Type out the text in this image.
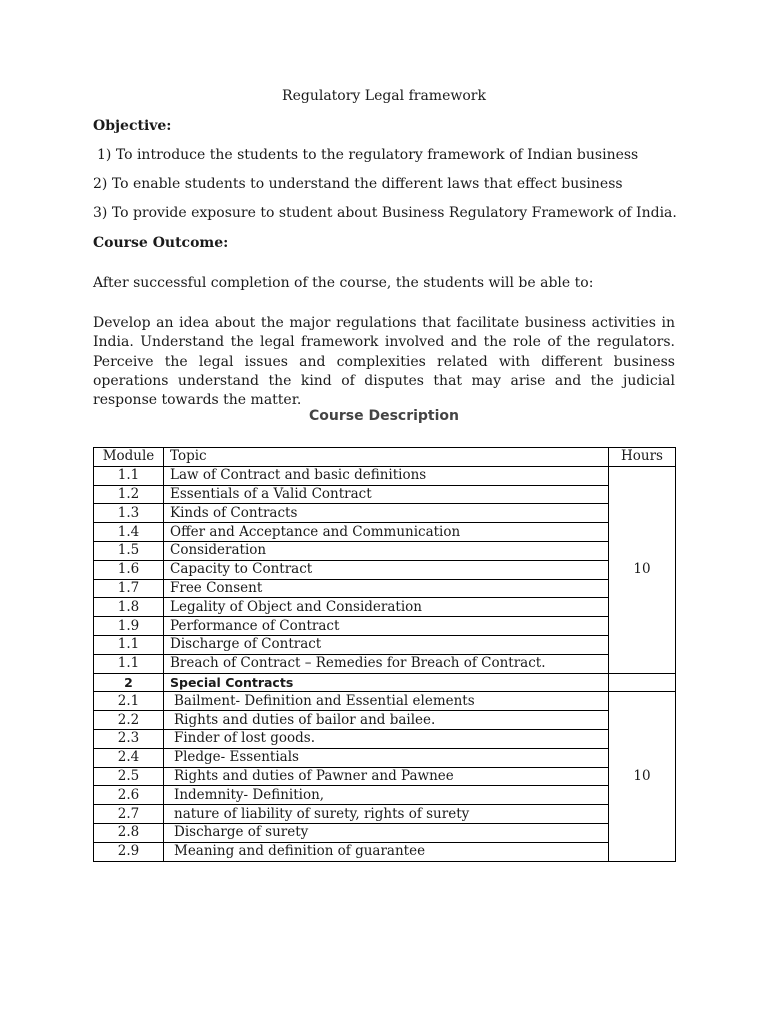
Regulatory Legal framework
Objective:
1) To introduce the students to the regulatory framework of Indian business
2) To enable students to understand the different laws that effect business
3) To provide exposure to student about Business Regulatory Framework of India.
Course Outcome:
After successful completion of the course, the students will be able to:
Develop an idea about the major regulations that facilitate business activities in India. Understand the legal framework involved and the role of the regulators. Perceive the legal issues and complexities related with different business operations understand the kind of disputes that may arise and the judicial response towards the matter.
Course Description
Module	Topic	Hours
1.1	Law of Contract and basic definitions	10
1.2	Essentials of a Valid Contract	
1.3	Kinds of Contracts	
1.4	Offer and Acceptance and Communication	
1.5	Consideration	
1.6	Capacity to Contract	
1.7	Free Consent	
1.8	Legality of Object and Consideration	
1.9	Performance of Contract	
1.1	Discharge of Contract	
1.1	Breach of Contract – Remedies for Breach of Contract.	
2	Special Contracts	
2.1	Bailment- Definition and Essential elements	10
2.2	Rights and duties of bailor and bailee.	
2.3	Finder of lost goods.	
2.4	Pledge- Essentials	
2.5	Rights and duties of Pawner and Pawnee	
2.6	Indemnity- Definition,	
2.7	nature of liability of surety, rights of surety	
2.8	Discharge of surety	
2.9	Meaning and definition of guarantee	
